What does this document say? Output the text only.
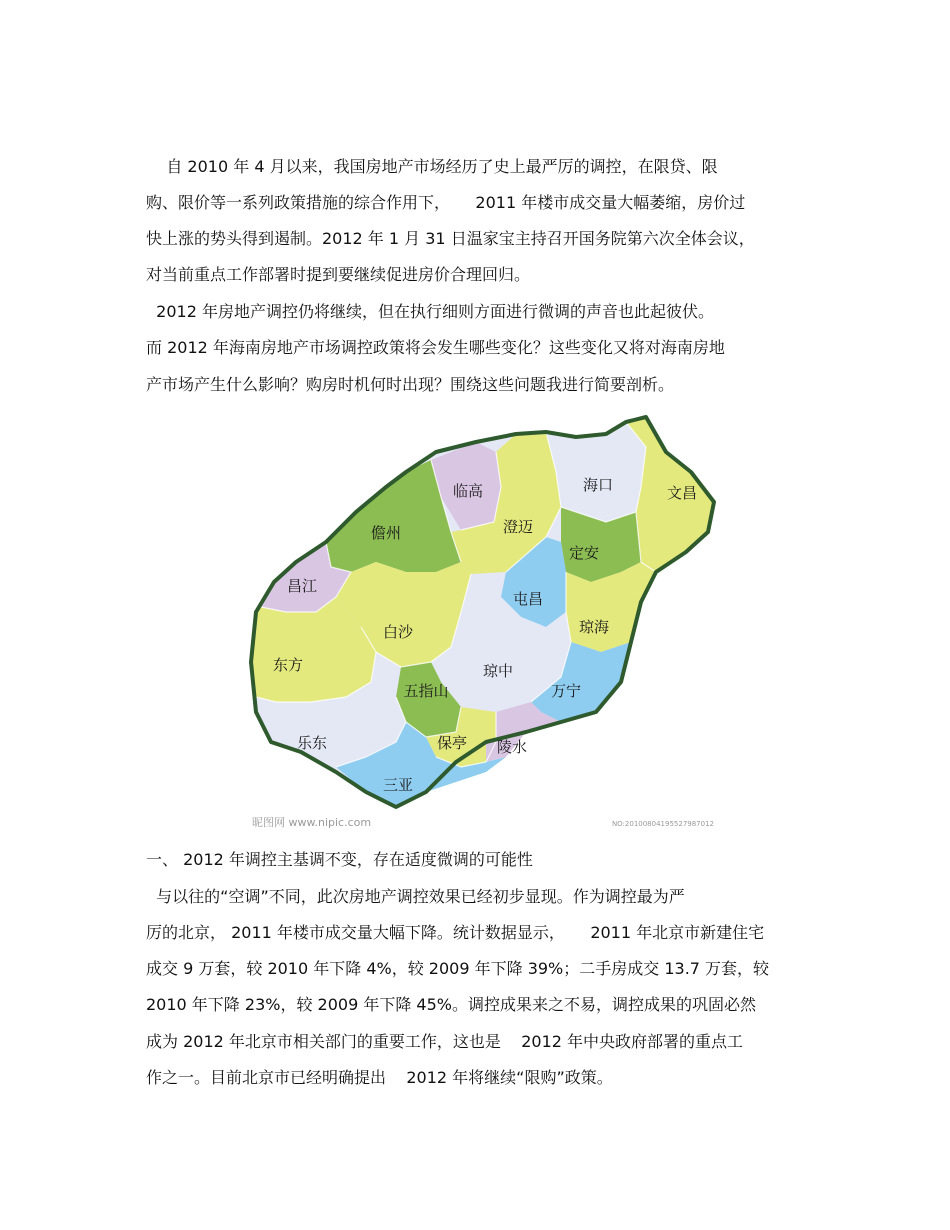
自 2010 年 4 月以来，我国房地产市场经历了史上最严厉的调控，在限贷、限
购、限价等一系列政策措施的综合作用下，     2011 年楼市成交量大幅萎缩，房价过
快上涨的势头得到遏制。2012 年 1 月 31 日温家宝主持召开国务院第六次全体会议，
对当前重点工作部署时提到要继续促进房价合理回归。
2012 年房地产调控仍将继续，但在执行细则方面进行微调的声音也此起彼伏。
而 2012 年海南房地产市场调控政策将会发生哪些变化？这些变化又将对海南房地
产市场产生什么影响？购房时机何时出现？围绕这些问题我进行简要剖析。
临高	海口	文昌
儋州	澄迈
定安
昌江
屯昌
白沙	琼海
东方	琼中
五指山	万宁
乐东	保亭 陵水
三亚
昵图网 www.nipic.com	NO:20100804195527987012
一、 2012 年调控主基调不变，存在适度微调的可能性
与以往的“空调”不同，此次房地产调控效果已经初步显现。作为调控最为严
厉的北京， 2011 年楼市成交量大幅下降。统计数据显示，     2011 年北京市新建住宅
成交 9 万套，较 2010 年下降 4%，较 2009 年下降 39%；二手房成交 13.7 万套，较
2010 年下降 23%，较 2009 年下降 45%。调控成果来之不易，调控成果的巩固必然
成为 2012 年北京市相关部门的重要工作，这也是    2012 年中央政府部署的重点工
作之一。目前北京市已经明确提出    2012 年将继续“限购”政策。
